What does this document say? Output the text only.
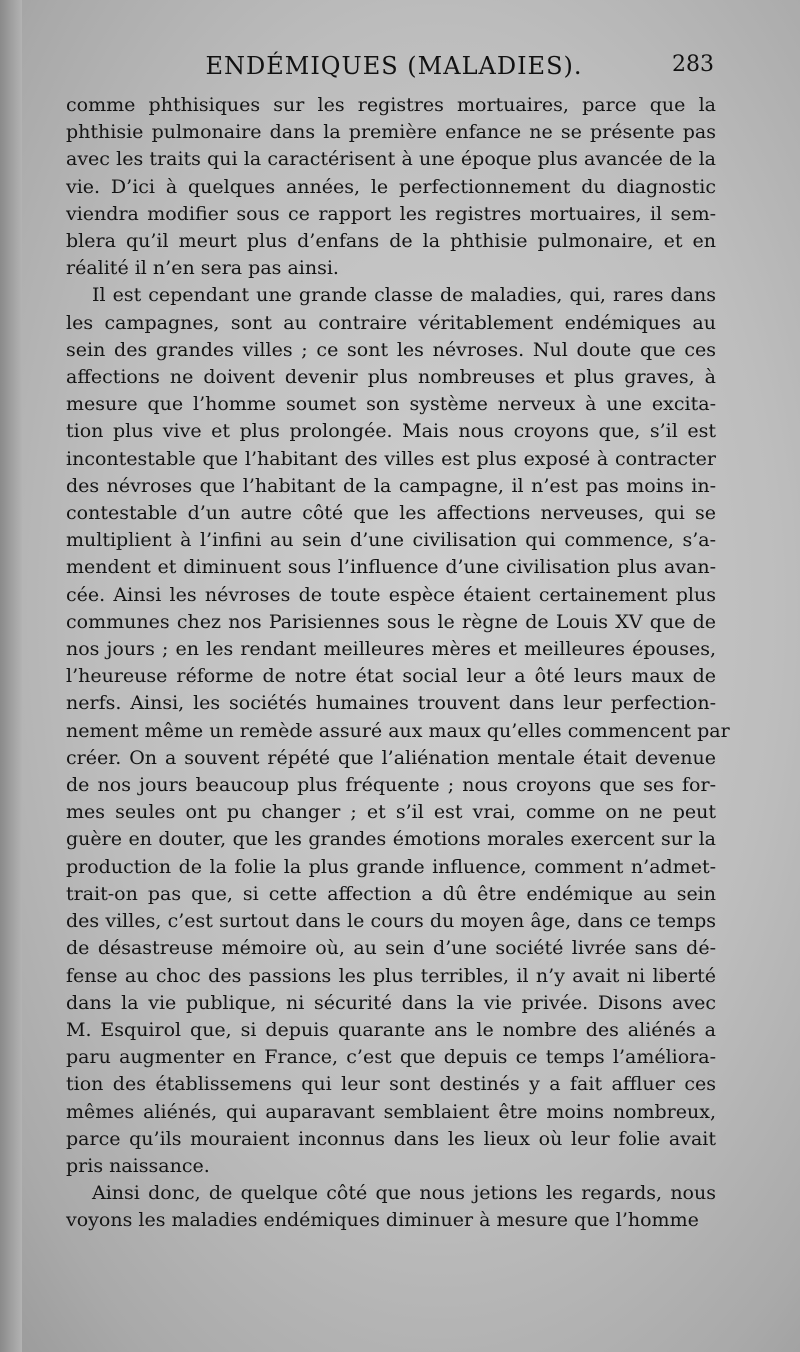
ENDÉMIQUES (MALADIES).	283

comme phthisiques sur les registres mortuaires, parce que la
phthisie pulmonaire dans la première enfance ne se présente pas
avec les traits qui la caractérisent à une époque plus avancée de la
vie. D’ici à quelques années, le perfectionnement du diagnostic
viendra modifier sous ce rapport les registres mortuaires, il sem-
blera qu’il meurt plus d’enfans de la phthisie pulmonaire, et en
réalité il n’en sera pas ainsi.

Il est cependant une grande classe de maladies, qui, rares dans
les campagnes, sont au contraire véritablement endémiques au
sein des grandes villes ; ce sont les névroses. Nul doute que ces
affections ne doivent devenir plus nombreuses et plus graves, à
mesure que l’homme soumet son système nerveux à une excita-
tion plus vive et plus prolongée. Mais nous croyons que, s’il est
incontestable que l’habitant des villes est plus exposé à contracter
des névroses que l’habitant de la campagne, il n’est pas moins in-
contestable d’un autre côté que les affections nerveuses, qui se
multiplient à l’infini au sein d’une civilisation qui commence, s’a-
mendent et diminuent sous l’influence d’une civilisation plus avan-
cée. Ainsi les névroses de toute espèce étaient certainement plus
communes chez nos Parisiennes sous le règne de Louis XV que de
nos jours ; en les rendant meilleures mères et meilleures épouses,
l’heureuse réforme de notre état social leur a ôté leurs maux de
nerfs. Ainsi, les sociétés humaines trouvent dans leur perfection-
nement même un remède assuré aux maux qu’elles commencent par
créer. On a souvent répété que l’aliénation mentale était devenue
de nos jours beaucoup plus fréquente ; nous croyons que ses for-
mes seules ont pu changer ; et s’il est vrai, comme on ne peut
guère en douter, que les grandes émotions morales exercent sur la
production de la folie la plus grande influence, comment n’admet-
trait-on pas que, si cette affection a dû être endémique au sein
des villes, c’est surtout dans le cours du moyen âge, dans ce temps
de désastreuse mémoire où, au sein d’une société livrée sans dé-
fense au choc des passions les plus terribles, il n’y avait ni liberté
dans la vie publique, ni sécurité dans la vie privée. Disons avec
M. Esquirol que, si depuis quarante ans le nombre des aliénés a
paru augmenter en France, c’est que depuis ce temps l’améliora-
tion des établissemens qui leur sont destinés y a fait affluer ces
mêmes aliénés, qui auparavant semblaient être moins nombreux,
parce qu’ils mouraient inconnus dans les lieux où leur folie avait
pris naissance.

Ainsi donc, de quelque côté que nous jetions les regards, nous
voyons les maladies endémiques diminuer à mesure que l’homme
